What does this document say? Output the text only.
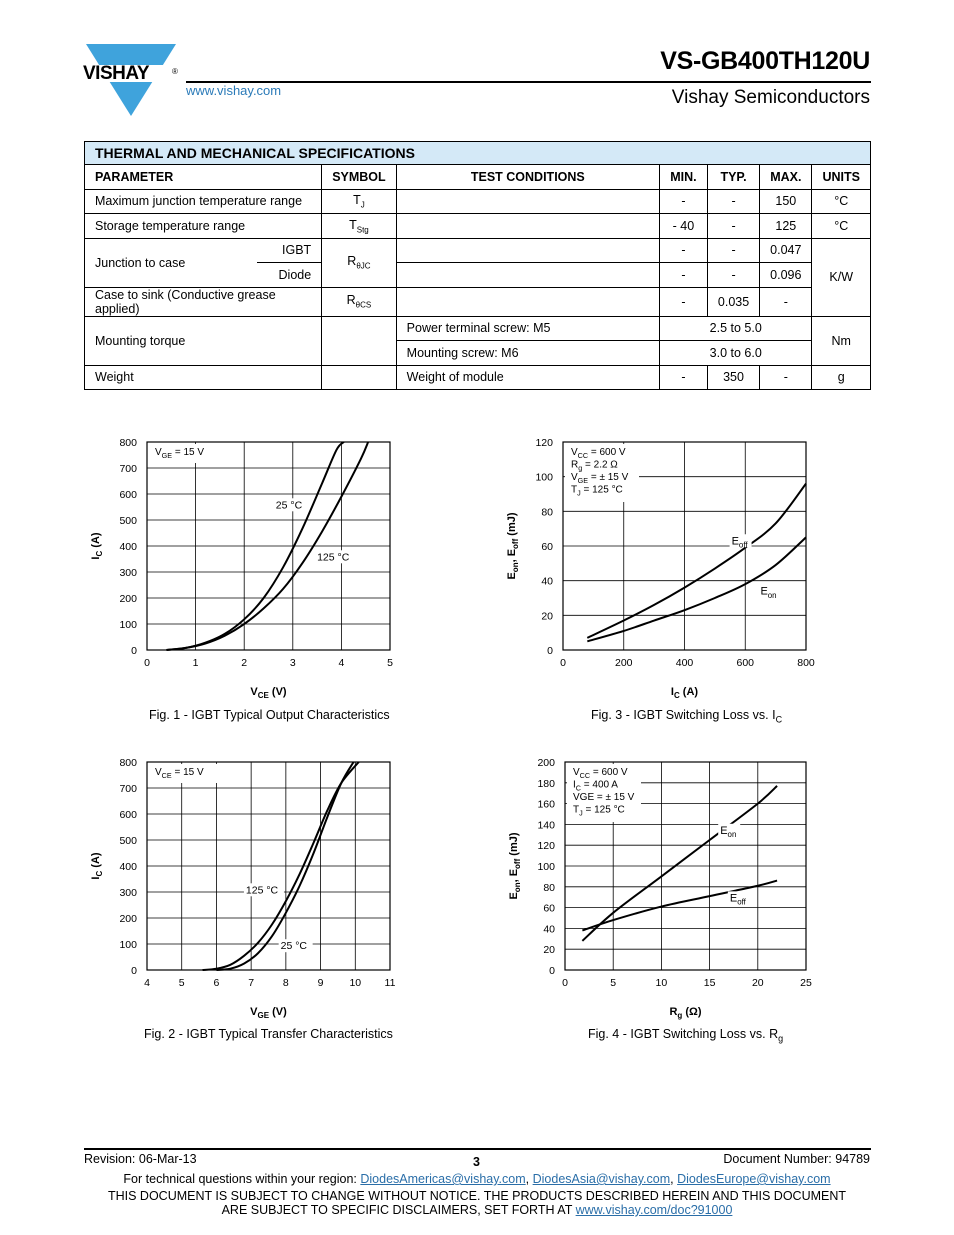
VISHAY	®
www.vishay.com
VS-GB400TH120U
Vishay Semiconductors
THERMAL AND MECHANICAL SPECIFICATIONS							
PARAMETER		SYMBOL	TEST CONDITIONS	MIN.	TYP.	MAX.	UNITS
Maximum junction temperature range		$T_J$		-	-	150	°C
Storage temperature range		$T_{Stg}$		- 40	-	125	°C
Junction to case	IGBT	$R_{\theta JC}$		-	-	0.047	K/W
	Diode			-	-	0.096	
Case to sink (Conductive grease applied)		$R_{\theta CS}$		-	0.035	-	
Mounting torque			Power terminal screw: M5	2.5 to 5.0			Nm
			Mounting screw: M6	3.0 to 6.0			
Weight			Weight of module	-	350	-	g
0	1	2	3	4	5
0
100
200
300
400
500
600
700
800
25 °C
125 °C
$V_{GE} = 15$ V
$V_{CE}$ (V)
$I_C$ (A)
Fig. 1 - IGBT Typical Output Characteristics
0	200	400	600	800
0
20
40
60
80
100
120
$E_{off}$
$E_{on}$
$V_{CC} = 600$ V
$R_g = 2.2$ Ω
$V_{GE}$ = ± 15 V
$T_J = 125$ °C
$I_C$ (A)
$E_{on}$, $E_{off}$ (mJ)
Fig. 3 - IGBT Switching Loss vs. $I_C$
4	5	6	7	8	9 10 11
0
100
200
300
400
500
600
700
800
125 °C
25 °C
$V_{CE} = 15$ V
$V_{GE}$ (V)
$I_C$ (A)
Fig. 2 - IGBT Typical Transfer Characteristics
0	5	10	15	20	25
0
20
40
60
80
100
120
140
160
180
200
$E_{on}$
$E_{off}$
$V_{CC} = 600$ V
$I_C = 400$ A
VGE = ± 15 V
$T_J = 125$ °C
$R_g$ (Ω)
$E_{on}$, $E_{off}$ (mJ)
Fig. 4 - IGBT Switching Loss vs. $R_g$
Revision: 06-Mar-13	3	Document Number: 94789
For technical questions within your region: DiodesAmericas@vishay.com, DiodesAsia@vishay.com, DiodesEurope@vishay.com
THIS DOCUMENT IS SUBJECT TO CHANGE WITHOUT NOTICE. THE PRODUCTS DESCRIBED HEREIN AND THIS DOCUMENT
ARE SUBJECT TO SPECIFIC DISCLAIMERS, SET FORTH AT www.vishay.com/doc?91000
